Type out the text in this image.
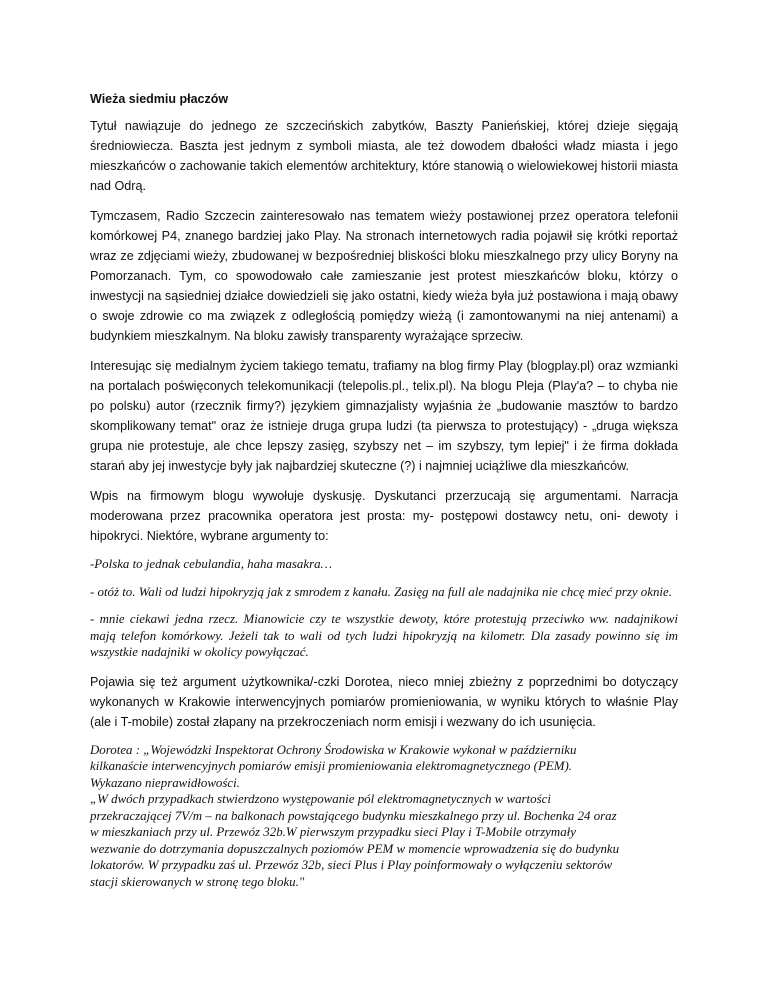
Wieża siedmiu płaczów

Tytuł nawiązuje do jednego ze szczecińskich zabytków, Baszty Panieńskiej, której dzieje sięgają średniowiecza. Baszta jest jednym z symboli miasta, ale też dowodem dbałości władz miasta i jego mieszkańców o zachowanie takich elementów architektury, które stanowią o wielowiekowej historii miasta nad Odrą.

Tymczasem, Radio Szczecin zainteresowało nas tematem wieży postawionej przez operatora telefonii komórkowej P4, znanego bardziej jako Play. Na stronach internetowych radia pojawił się krótki reportaż wraz ze zdjęciami wieży, zbudowanej w bezpośredniej bliskości bloku mieszkalnego przy ulicy Boryny na Pomorzanach. Tym, co spowodowało całe zamieszanie jest protest mieszkańców bloku, którzy o inwestycji na sąsiedniej działce dowiedzieli się jako ostatni, kiedy wieża była już postawiona i mają obawy o swoje zdrowie co ma związek z odległością pomiędzy wieżą (i zamontowanymi na niej antenami) a budynkiem mieszkalnym. Na bloku zawisły transparenty wyrażające sprzeciw.

Interesując się medialnym życiem takiego tematu, trafiamy na blog firmy Play (blogplay.pl) oraz wzmianki na portalach poświęconych telekomunikacji (telepolis.pl., telix.pl). Na blogu Pleja (Play'a? – to chyba nie po polsku) autor (rzecznik firmy?) językiem gimnazjalisty wyjaśnia że „budowanie masztów to bardzo skomplikowany temat" oraz że istnieje druga grupa ludzi (ta pierwsza to protestujący) - „druga większa grupa nie protestuje, ale chce lepszy zasięg, szybszy net – im szybszy, tym lepiej" i że firma dokłada starań aby jej inwestycje były jak najbardziej skuteczne (?) i najmniej uciążliwe dla mieszkańców.

Wpis na firmowym blogu wywołuje dyskusję. Dyskutanci przerzucają się argumentami. Narracja moderowana przez pracownika operatora jest prosta: my- postępowi dostawcy netu, oni- dewoty i hipokryci. Niektóre, wybrane argumenty to:

-Polska to jednak cebulandia, haha masakra…

- otóż to. Wali od ludzi hipokryzją jak z smrodem z kanału. Zasięg na full ale nadajnika nie chcę mieć przy oknie.

- mnie ciekawi jedna rzecz. Mianowicie czy te wszystkie dewoty, które protestują przeciwko ww. nadajnikowi mają telefon komórkowy. Jeżeli tak to wali od tych ludzi hipokryzją na kilometr. Dla zasady powinno się im wszystkie nadajniki w okolicy powyłączać.

Pojawia się też argument użytkownika/-czki Dorotea, nieco mniej zbieżny z poprzednimi bo dotyczący wykonanych w Krakowie interwencyjnych pomiarów promieniowania, w wyniku których to właśnie Play (ale i T-mobile) został złapany na przekroczeniach norm emisji i wezwany do ich usunięcia.

Dorotea : „Wojewódzki Inspektorat Ochrony Środowiska w Krakowie wykonał w październiku
kilkanaście interwencyjnych pomiarów emisji promieniowania elektromagnetycznego (PEM).
Wykazano nieprawidłowości.
„W dwóch przypadkach stwierdzono występowanie pól elektromagnetycznych w wartości
przekraczającej 7V/m – na balkonach powstającego budynku mieszkalnego przy ul. Bochenka 24 oraz
w mieszkaniach przy ul. Przewóz 32b.W pierwszym przypadku sieci Play i T-Mobile otrzymały
wezwanie do dotrzymania dopuszczalnych poziomów PEM w momencie wprowadzenia się do budynku
lokatorów. W przypadku zaś ul. Przewóz 32b, sieci Plus i Play poinformowały o wyłączeniu sektorów
stacji skierowanych w stronę tego bloku."
